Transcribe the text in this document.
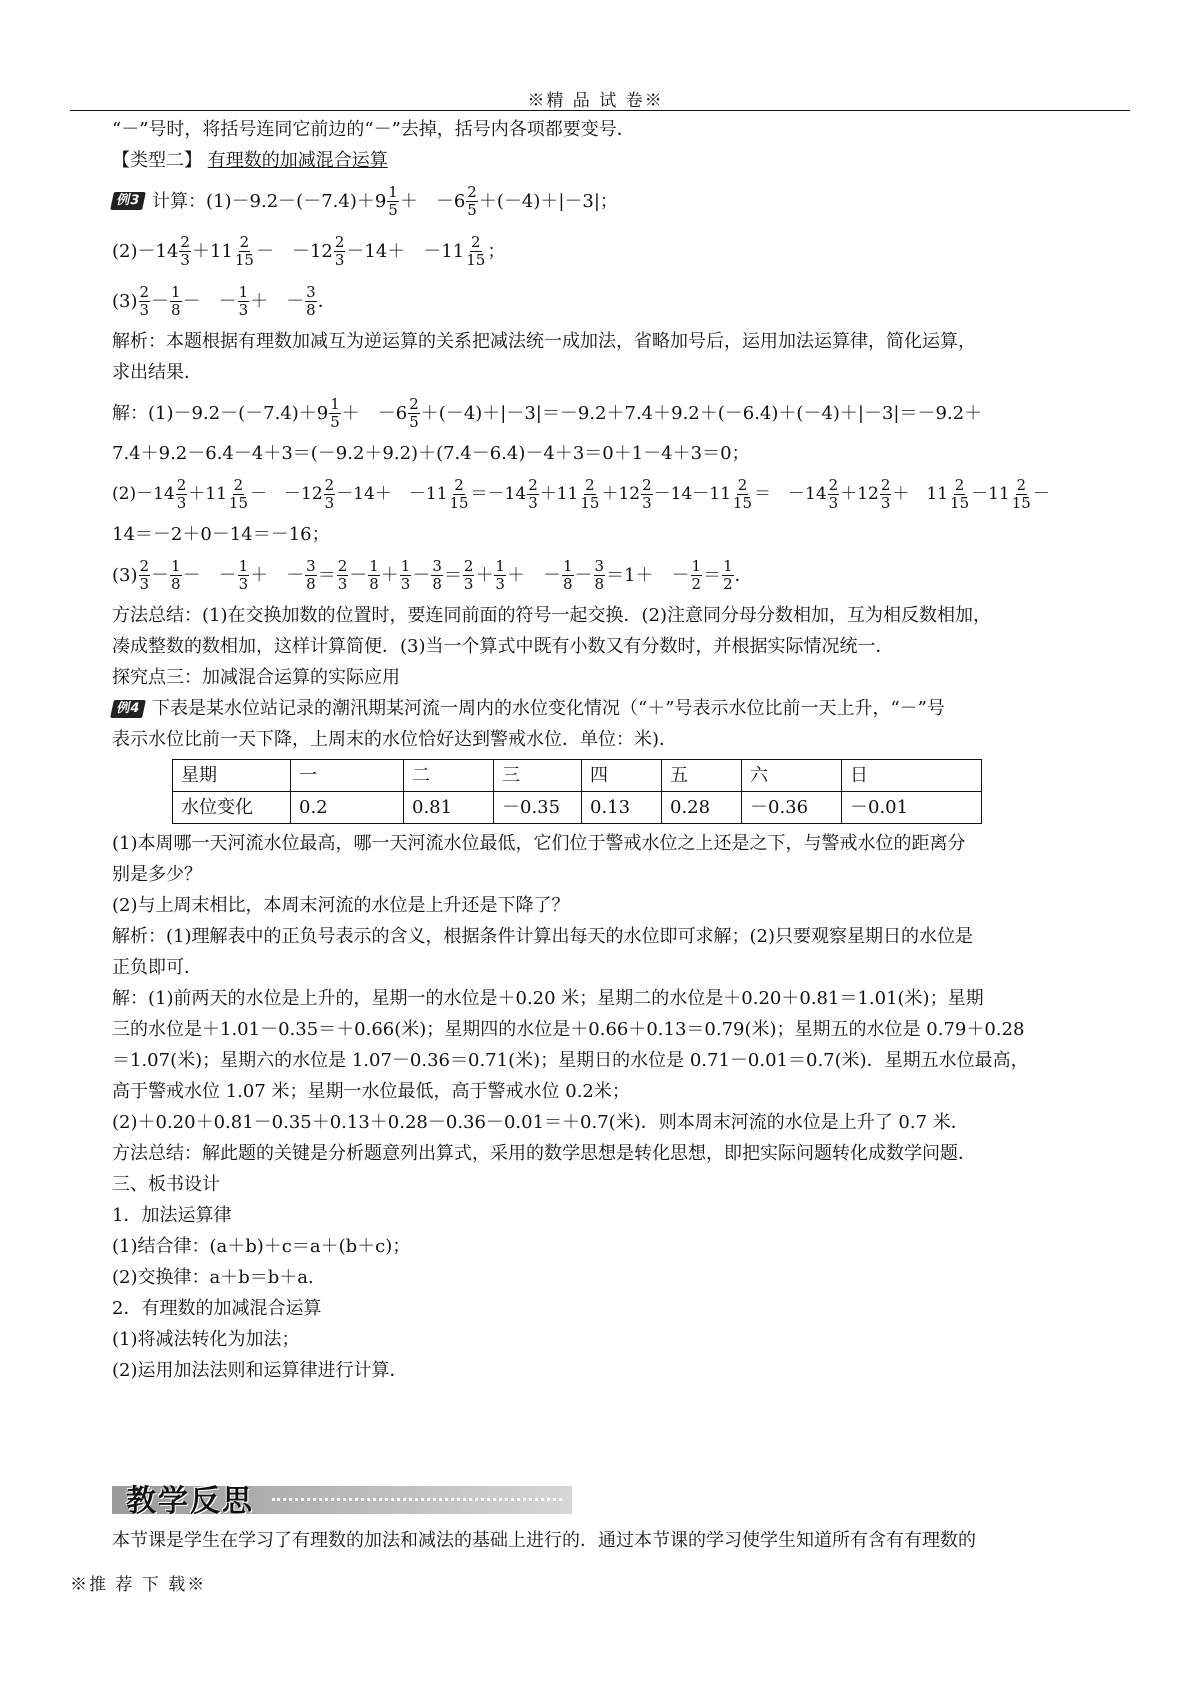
※精 品 试 卷※
“－”号时，将括号连同它前边的“－”去掉，括号内各项都要变号．
【类型二】 有理数的加减混合运算
例3 计算：$(1)-9.2-(-7.4)+9 \frac{1}{5}$ ＋　$-6 \frac{2}{5} +(-4)+|-3|$；
$(2)-14 \frac{2}{3} +11 \frac{2}{15}$ －　$-12 \frac{2}{3} -14+$　$-11 \frac{2}{15}$ ；
$(3) \frac{2}{3} - \frac{1}{8}$ －　－ $\frac{1}{3}$ ＋　－ $\frac{3}{8}$ ．
解析：本题根据有理数加减互为逆运算的关系把减法统一成加法，省略加号后，运用加法运算律，简化运算，
求出结果．
解：$(1)-9.2-(-7.4)+9 \frac{1}{5}$ ＋　$-6 \frac{2}{5} +(-4)+|-3|=-9.2+7.4+9.2+(-6.4)+(-4)+|-3|=-9.2+$
7.4＋9.2－6.4－4＋3＝(－9.2＋9.2)＋(7.4－6.4)－4＋3＝0＋1－4＋3＝0；
$(2)-14 \frac{2}{3} +11 \frac{2}{15}$ －　$-12 \frac{2}{3} -14+$　$-11 \frac{2}{15} =-14 \frac{2}{3} +11 \frac{2}{15} +12 \frac{2}{3} -14-11 \frac{2}{15}$ ＝　$-14 \frac{2}{3} +12 \frac{2}{3}$ ＋　$11 \frac{2}{15} -11 \frac{2}{15}$ －
14＝－2＋0－14＝－16；
$(3) \frac{2}{3} - \frac{1}{8}$ －　－ $\frac{1}{3}$ ＋　－ $\frac{3}{8} = \frac{2}{3} - \frac{1}{8} + \frac{1}{3} - \frac{3}{8} = \frac{2}{3} + \frac{1}{3}$ ＋　－ $\frac{1}{8} - \frac{3}{8} =1+$　－ $\frac{1}{2} = \frac{1}{2}$ ．
方法总结：(1)在交换加数的位置时，要连同前面的符号一起交换．(2)注意同分母分数相加，互为相反数相加，
凑成整数的数相加，这样计算简便．(3)当一个算式中既有小数又有分数时，并根据实际情况统一．
探究点三：加减混合运算的实际应用
例4 下表是某水位站记录的潮汛期某河流一周内的水位变化情况（“＋”号表示水位比前一天上升，“－”号
表示水位比前一天下降，上周末的水位恰好达到警戒水位．单位：米)．
星期	一	二	三	四	五	六	日
水位变化	0.2	0.81	－0.35	0.13	0.28	－0.36	－0.01
(1)本周哪一天河流水位最高，哪一天河流水位最低，它们位于警戒水位之上还是之下，与警戒水位的距离分
别是多少？
(2)与上周末相比，本周末河流的水位是上升还是下降了？
解析：(1)理解表中的正负号表示的含义，根据条件计算出每天的水位即可求解；(2)只要观察星期日的水位是
正负即可．
解：(1)前两天的水位是上升的，星期一的水位是＋0.20 米；星期二的水位是＋0.20＋0.81＝1.01(米)；星期
三的水位是＋1.01－0.35＝＋0.66(米)；星期四的水位是＋0.66＋0.13＝0.79(米)；星期五的水位是 0.79＋0.28
＝1.07(米)；星期六的水位是 1.07－0.36＝0.71(米)；星期日的水位是 0.71－0.01＝0.7(米)．星期五水位最高，
高于警戒水位 1.07 米；星期一水位最低，高于警戒水位 0.2米；
(2)＋0.20＋0.81－0.35＋0.13＋0.28－0.36－0.01＝＋0.7(米)．则本周末河流的水位是上升了 0.7 米．
方法总结：解此题的关键是分析题意列出算式，采用的数学思想是转化思想，即把实际问题转化成数学问题．
三、板书设计
1．加法运算律
(1)结合律：(a＋b)＋c＝a＋(b＋c)；
(2)交换律：a＋b＝b＋a.
2．有理数的加减混合运算
(1)将减法转化为加法；
(2)运用加法法则和运算律进行计算．
教学反思
本节课是学生在学习了有理数的加法和减法的基础上进行的．通过本节课的学习使学生知道所有含有有理数的
※推 荐 下 载※
